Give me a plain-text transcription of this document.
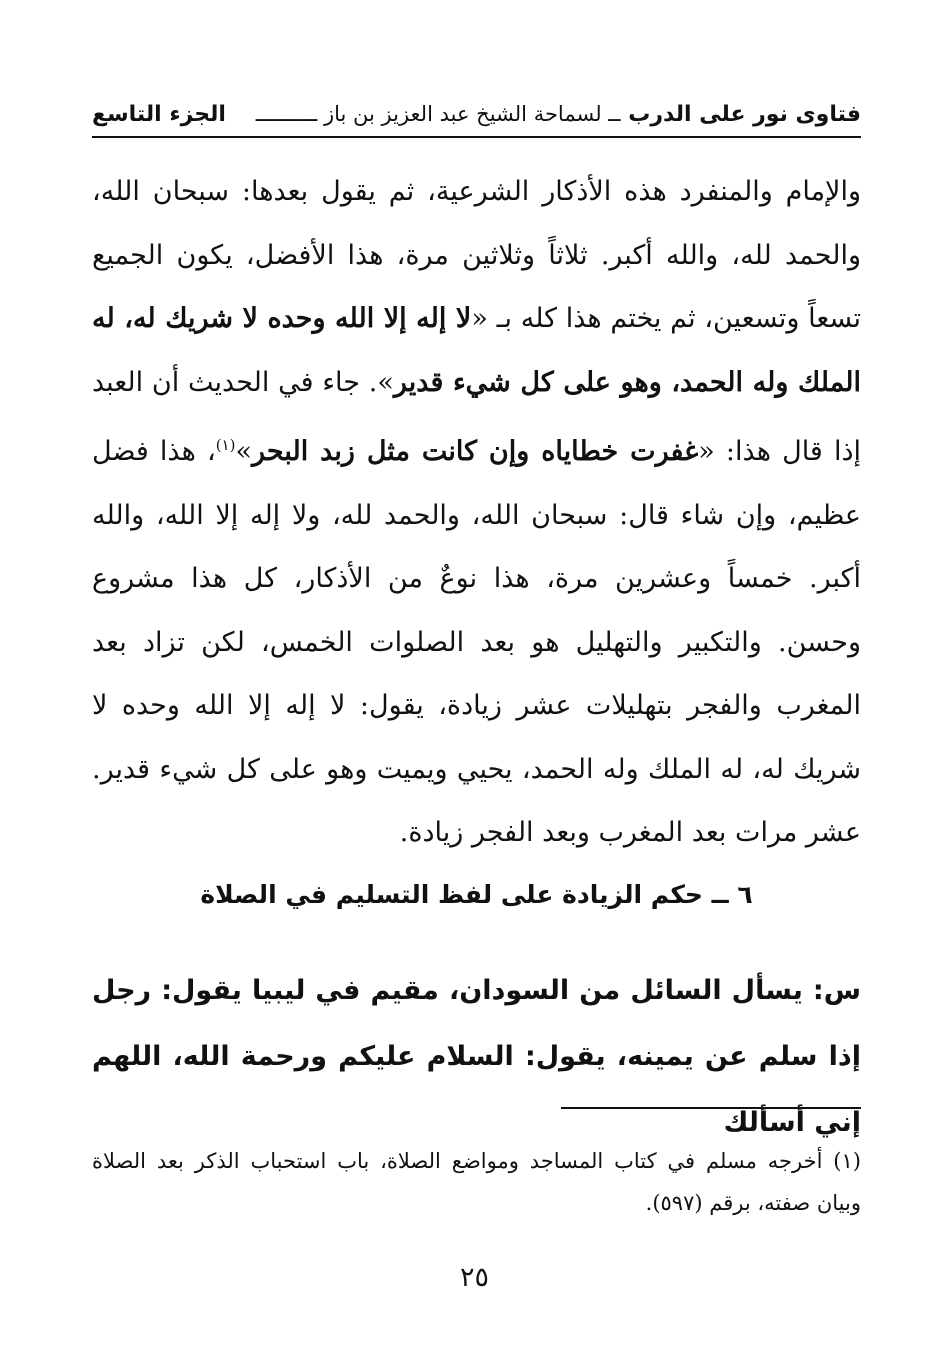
فتاوى نور على الدرب ــ لسماحة الشيخ عبد العزيز بن باز ــــــــــ
الجزء التاسع
والإمام والمنفرد هذه الأذكار الشرعية، ثم يقول بعدها: سبحان الله، والحمد لله، والله أكبر. ثلاثاً وثلاثين مرة، هذا الأفضل، يكون الجميع تسعاً وتسعين، ثم يختم هذا كله بـ «لا إله إلا الله وحده لا شريك له، له الملك وله الحمد، وهو على كل شيء قدير». جاء في الحديث أن العبد إذا قال هذا: «غفرت خطاياه وإن كانت مثل زبد البحر»$^{(١)}$، هذا فضل عظيم، وإن شاء قال: سبحان الله، والحمد لله، ولا إله إلا الله، والله أكبر. خمساً وعشرين مرة، هذا نوعٌ من الأذكار، كل هذا مشروع وحسن. والتكبير والتهليل هو بعد الصلوات الخمس، لكن تزاد بعد المغرب والفجر بتهليلات عشر زيادة، يقول: لا إله إلا الله وحده لا شريك له، له الملك وله الحمد، يحيي ويميت وهو على كل شيء قدير. عشر مرات بعد المغرب وبعد الفجر زيادة.
٦ ــ حكم الزيادة على لفظ التسليم في الصلاة
س: يسأل السائل من السودان، مقيم في ليبيا يقول: رجل إذا سلم عن يمينه، يقول: السلام عليكم ورحمة الله، اللهم إني أسألك
(١) أخرجه مسلم في كتاب المساجد ومواضع الصلاة، باب استحباب الذكر بعد الصلاة وبيان صفته، برقم (٥٩٧).
٢٥
